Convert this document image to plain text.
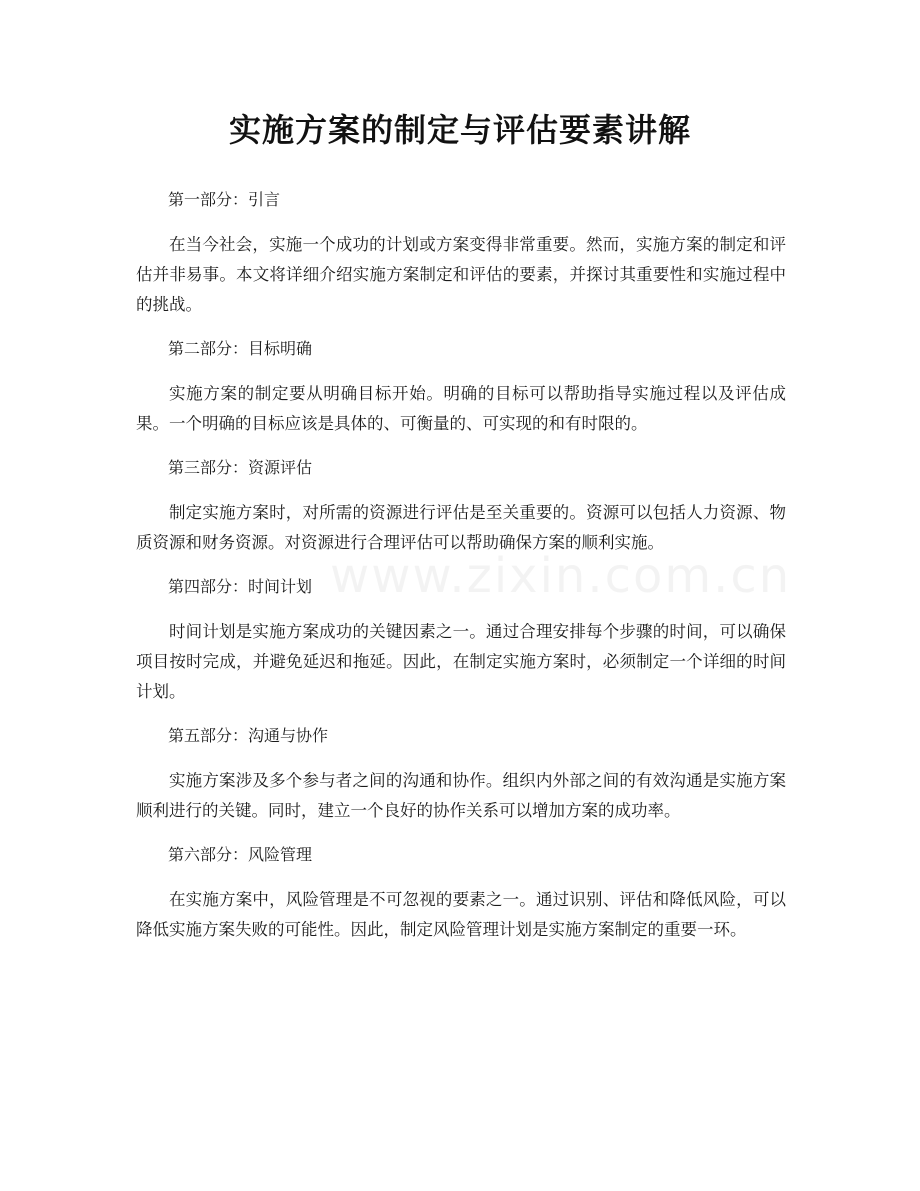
实施方案的制定与评估要素讲解
第一部分：引言

在当今社会，实施一个成功的计划或方案变得非常重要。然而，实施方案的制定和评估并非易事。本文将详细介绍实施方案制定和评估的要素，并探讨其重要性和实施过程中的挑战。

第二部分：目标明确

实施方案的制定要从明确目标开始。明确的目标可以帮助指导实施过程以及评估成果。一个明确的目标应该是具体的、可衡量的、可实现的和有时限的。

第三部分：资源评估

制定实施方案时，对所需的资源进行评估是至关重要的。资源可以包括人力资源、物质资源和财务资源。对资源进行合理评估可以帮助确保方案的顺利实施。

第四部分：时间计划

时间计划是实施方案成功的关键因素之一。通过合理安排每个步骤的时间，可以确保项目按时完成，并避免延迟和拖延。因此，在制定实施方案时，必须制定一个详细的时间计划。

第五部分：沟通与协作

实施方案涉及多个参与者之间的沟通和协作。组织内外部之间的有效沟通是实施方案顺利进行的关键。同时，建立一个良好的协作关系可以增加方案的成功率。

第六部分：风险管理

在实施方案中，风险管理是不可忽视的要素之一。通过识别、评估和降低风险，可以降低实施方案失败的可能性。因此，制定风险管理计划是实施方案制定的重要一环。
